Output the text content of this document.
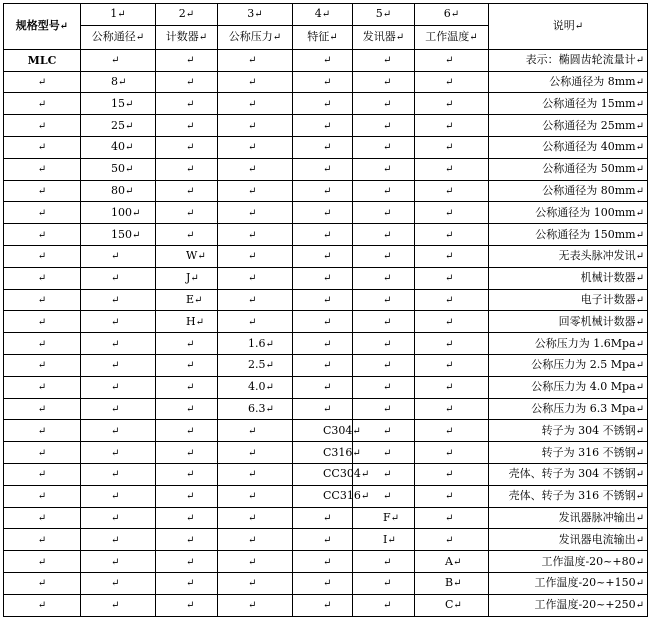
规格型号↵	1↵	2↵	3↵	4↵	5↵	6↵	说明↵
	公称通径↵	计数器↵	公称压力↵	特征↵	发讯器↵	工作温度↵	
MLC	↵	↵	↵	↵	↵	↵	表示：椭圆齿轮流量计↵
↵	8↵	↵	↵	↵	↵	↵	公称通径为 8mm↵
↵	15↵	↵	↵	↵	↵	↵	公称通径为 15mm↵
↵	25↵	↵	↵	↵	↵	↵	公称通径为 25mm↵
↵	40↵	↵	↵	↵	↵	↵	公称通径为 40mm↵
↵	50↵	↵	↵	↵	↵	↵	公称通径为 50mm↵
↵	80↵	↵	↵	↵	↵	↵	公称通径为 80mm↵
↵	100↵	↵	↵	↵	↵	↵	公称通径为 100mm↵
↵	150↵	↵	↵	↵	↵	↵	公称通径为 150mm↵
↵	↵	W↵	↵	↵	↵	↵	无表头脉冲发讯↵
↵	↵	J↵	↵	↵	↵	↵	机械计数器↵
↵	↵	E↵	↵	↵	↵	↵	电子计数器↵
↵	↵	H↵	↵	↵	↵	↵	回零机械计数器↵
↵	↵	↵	1.6↵	↵	↵	↵	公称压力为 1.6Mpa↵
↵	↵	↵	2.5↵	↵	↵	↵	公称压力为 2.5 Mpa↵
↵	↵	↵	4.0↵	↵	↵	↵	公称压力为 4.0 Mpa↵
↵	↵	↵	6.3↵	↵	↵	↵	公称压力为 6.3 Mpa↵
↵	↵	↵	↵	C304↵	↵	↵	转子为 304 不锈钢↵
↵	↵	↵	↵	C316↵	↵	↵	转子为 316 不锈钢↵
↵	↵	↵	↵	CC304↵	↵	↵	壳体、转子为 304 不锈钢↵
↵	↵	↵	↵	CC316↵	↵	↵	壳体、转子为 316 不锈钢↵
↵	↵	↵	↵	↵	F↵	↵	发讯器脉冲输出↵
↵	↵	↵	↵	↵	I↵	↵	发讯器电流输出↵
↵	↵	↵	↵	↵	↵	A↵	工作温度-20~+80↵
↵	↵	↵	↵	↵	↵	B↵	工作温度-20~+150↵
↵	↵	↵	↵	↵	↵	C↵	工作温度-20~+250↵
